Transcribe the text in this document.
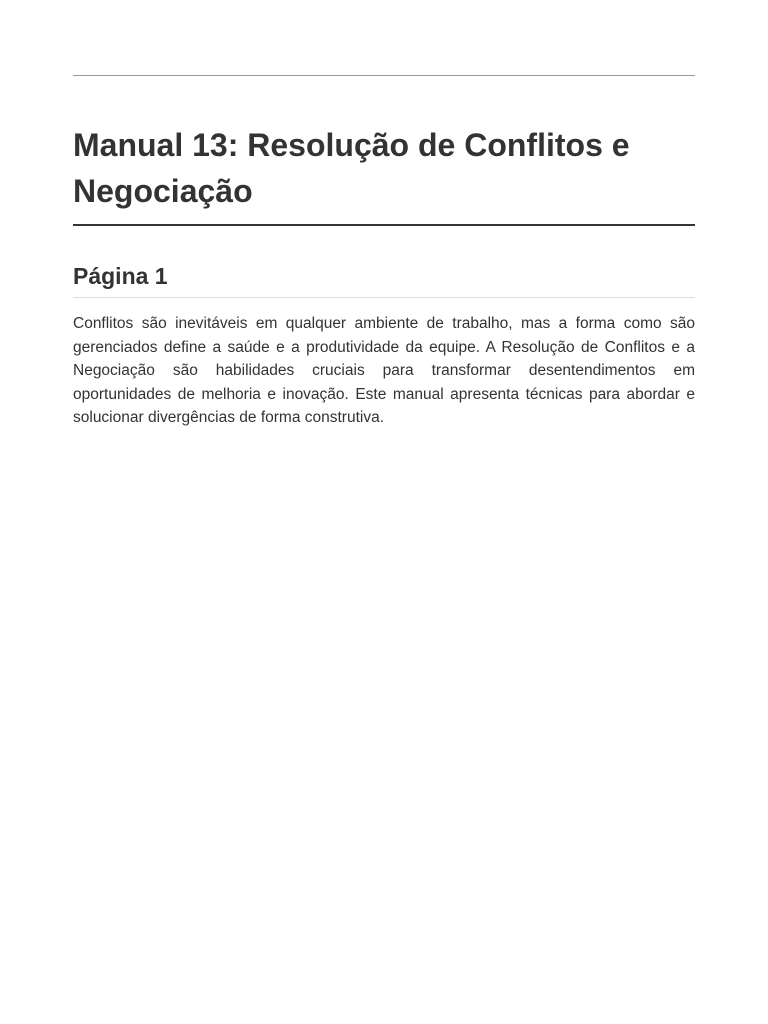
Manual 13: Resolução de Conflitos e Negociação
Página 1

Conflitos são inevitáveis em qualquer ambiente de trabalho, mas a forma como são gerenciados define a saúde e a produtividade da equipe. A Resolução de Conflitos e a Negociação são habilidades cruciais para transformar desentendimentos em oportunidades de melhoria e inovação. Este manual apresenta técnicas para abordar e solucionar divergências de forma construtiva.
